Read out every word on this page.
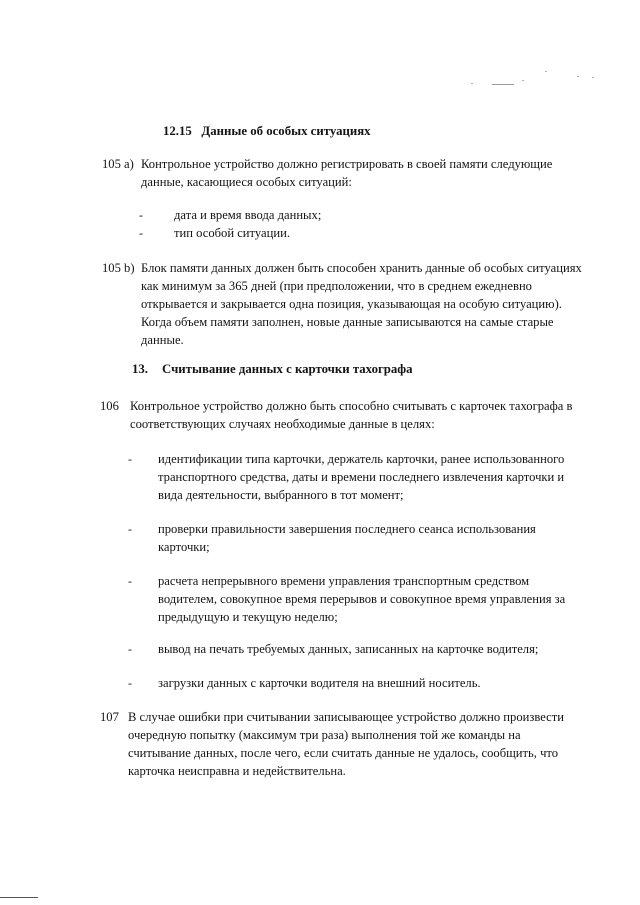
12.15 Данные об особых ситуациях
105 a) Контрольное устройство должно регистрировать в своей памяти следующие
данные, касающиеся особых ситуаций:
- дата и время ввода данных;
- тип особой ситуации.
105 b) Блок памяти данных должен быть способен хранить данные об особых ситуациях
как минимум за 365 дней (при предположении, что в среднем ежедневно
открывается и закрывается одна позиция, указывающая на особую ситуацию).
Когда объем памяти заполнен, новые данные записываются на самые старые
данные.
13. Считывание данных с карточки тахографа
106 Контрольное устройство должно быть способно считывать с карточек тахографа в
соответствующих случаях необходимые данные в целях:
- идентификации типа карточки, держатель карточки, ранее использованного
транспортного средства, даты и времени последнего извлечения карточки и
вида деятельности, выбранного в тот момент;
- проверки правильности завершения последнего сеанса использования
карточки;
- расчета непрерывного времени управления транспортным средством
водителем, совокупное время перерывов и совокупное время управления за
предыдущую и текущую неделю;
- вывод на печать требуемых данных, записанных на карточке водителя;
- загрузки данных с карточки водителя на внешний носитель.
107 В случае ошибки при считывании записывающее устройство должно произвести
очередную попытку (максимум три раза) выполнения той же команды на
считывание данных, после чего, если считать данные не удалось, сообщить, что
карточка неисправна и недействительна.
